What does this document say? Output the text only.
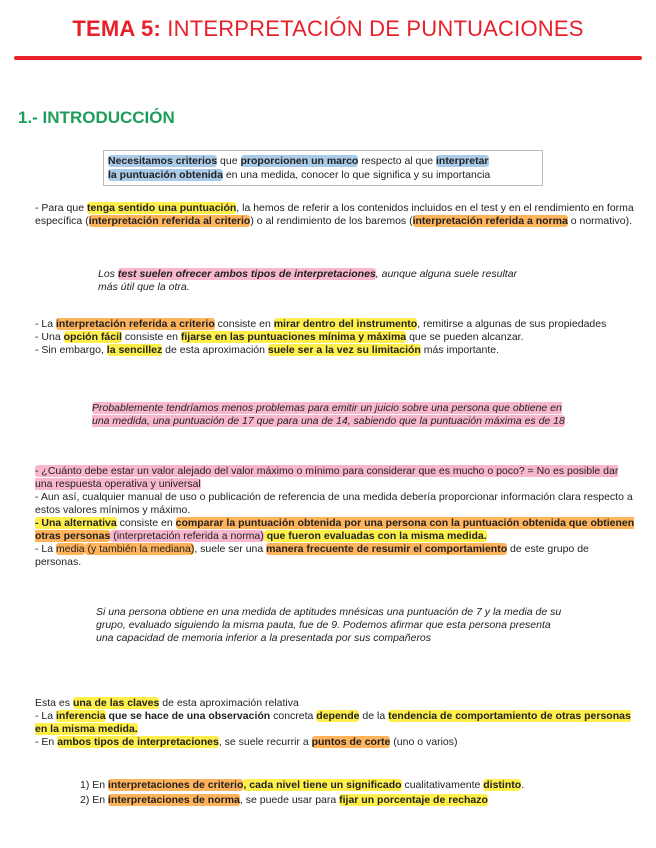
TEMA 5: INTERPRETACIÓN DE PUNTUACIONES
1.- INTRODUCCIÓN
Necesitamos criterios que proporcionen un marco respecto al que interpretar
la puntuación obtenida en una medida, conocer lo que significa y su importancia
- Para que tenga sentido una puntuación, la hemos de referir a los contenidos incluidos en el test y en el rendimiento en forma específica (interpretación referida al criterio) o al rendimiento de los baremos (interpretación referida a norma o normativo).
Los test suelen ofrecer ambos tipos de interpretaciones, aunque alguna suele resultar más útil que la otra.
- La interpretación referida a criterio consiste en mirar dentro del instrumento, remitirse a algunas de sus propiedades
- Una opción fácil consiste en fijarse en las puntuaciones mínima y máxima que se pueden alcanzar.
- Sin embargo, la sencillez de esta aproximación suele ser a la vez su limitación más importante.
Probablemente tendríamos menos problemas para emitir un juicio sobre una persona que obtiene en una medida, una puntuación de 17 que para una de 14, sabiendo que la puntuación máxima es de 18
- ¿Cuánto debe estar un valor alejado del valor máximo o mínimo para considerar que es mucho o poco? = No es posible dar una respuesta operativa y universal
- Aun así, cualquier manual de uso o publicación de referencia de una medida debería proporcionar información clara respecto a estos valores mínimos y máximo.
- Una alternativa consiste en comparar la puntuación obtenida por una persona con la puntuación obtenida que obtienen otras personas (interpretación referida a norma) que fueron evaluadas con la misma medida.
- La media (y también la mediana), suele ser una manera frecuente de resumir el comportamiento de este grupo de personas.
Si una persona obtiene en una medida de aptitudes mnésicas una puntuación de 7 y la media de su grupo, evaluado siguiendo la misma pauta, fue de 9. Podemos afirmar que esta persona presenta una capacidad de memoria inferior a la presentada por sus compañeros
Esta es una de las claves de esta aproximación relativa
- La inferencia que se hace de una observación concreta depende de la tendencia de comportamiento de otras personas en la misma medida.
- En ambos tipos de interpretaciones, se suele recurrir a puntos de corte (uno o varios)
1) En interpretaciones de criterio, cada nivel tiene un significado cualitativamente distinto.
2) En interpretaciones de norma, se puede usar para fijar un porcentaje de rechazo
